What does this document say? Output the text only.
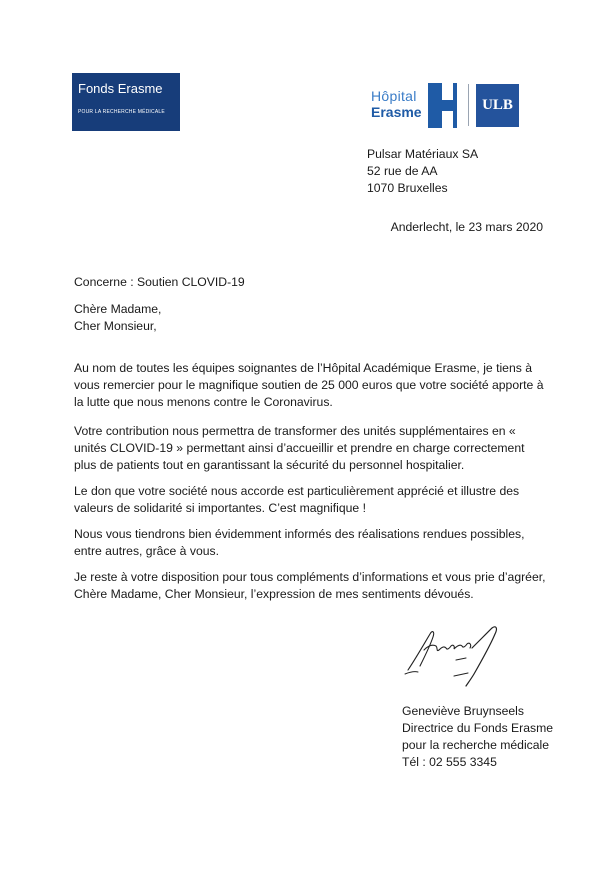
Fonds Erasme
POUR LA RECHERCHE MÉDICALE
Hôpital
Erasme	ULB
Pulsar Matériaux SA
52 rue de AA
1070 Bruxelles
Anderlecht, le 23 mars 2020
Concerne : Soutien CLOVID-19
Chère Madame,
Cher Monsieur,

Au nom de toutes les équipes soignantes de l’Hôpital Académique Erasme, je tiens à vous remercier pour le magnifique soutien de 25 000 euros que votre société apporte à la lutte que nous menons contre le Coronavirus.

Votre contribution nous permettra de transformer des unités supplémentaires en « unités CLOVID-19 » permettant ainsi d’accueillir et prendre en charge correctement plus de patients tout en garantissant la sécurité du personnel hospitalier.

Le don que votre société nous accorde est particulièrement apprécié et illustre des valeurs de solidarité si importantes. C’est magnifique !

Nous vous tiendrons bien évidemment informés des réalisations rendues possibles, entre autres, grâce à vous.

Je reste à votre disposition pour tous compléments d’informations et vous prie d’agréer, Chère Madame, Cher Monsieur, l’expression de mes sentiments dévoués.

Geneviève Bruynseels
Directrice du Fonds Erasme
pour la recherche médicale
Tél : 02 555 3345
